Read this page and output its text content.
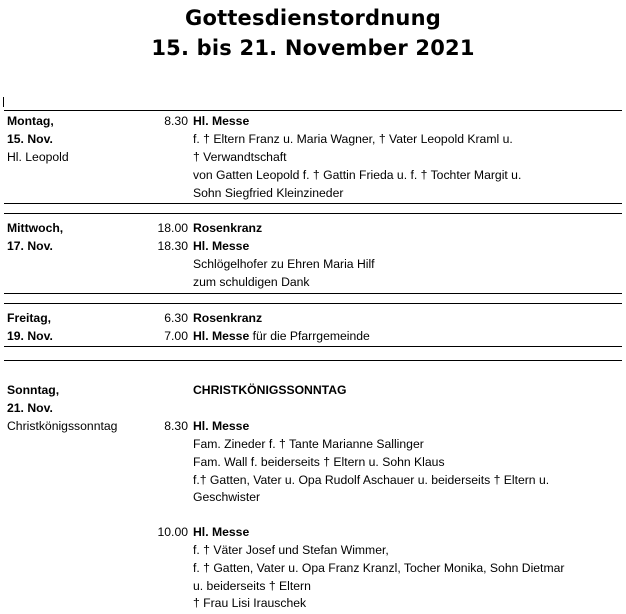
Gottesdienstordnung
15. bis 21. November 2021
Montag,
15. Nov.
Hl. Leopold
8.30 Hl. Messe
f. † Eltern Franz u. Maria Wagner, † Vater Leopold Kraml u.
† Verwandtschaft
von Gatten Leopold f. † Gattin Frieda u. f. † Tochter Margit u.
Sohn Siegfried Kleinzineder
Mittwoch,
17. Nov.
18.00 Rosenkranz
18.30 Hl. Messe
Schlögelhofer zu Ehren Maria Hilf
zum schuldigen Dank
Freitag,
19. Nov.
6.30 Rosenkranz
7.00 Hl. Messe für die Pfarrgemeinde
Sonntag,
21. Nov.
Christkönigssonntag
CHRISTKÖNIGSSONNTAG
8.30 Hl. Messe
Fam. Zineder f. † Tante Marianne Sallinger
Fam. Wall f. beiderseits † Eltern u. Sohn Klaus
f.† Gatten, Vater u. Opa Rudolf Aschauer u. beiderseits † Eltern u.
Geschwister
10.00 Hl. Messe
f. † Väter Josef und Stefan Wimmer,
f. † Gatten, Vater u. Opa Franz Kranzl, Tocher Monika, Sohn Dietmar
u. beiderseits † Eltern
† Frau Lisi Irauschek
